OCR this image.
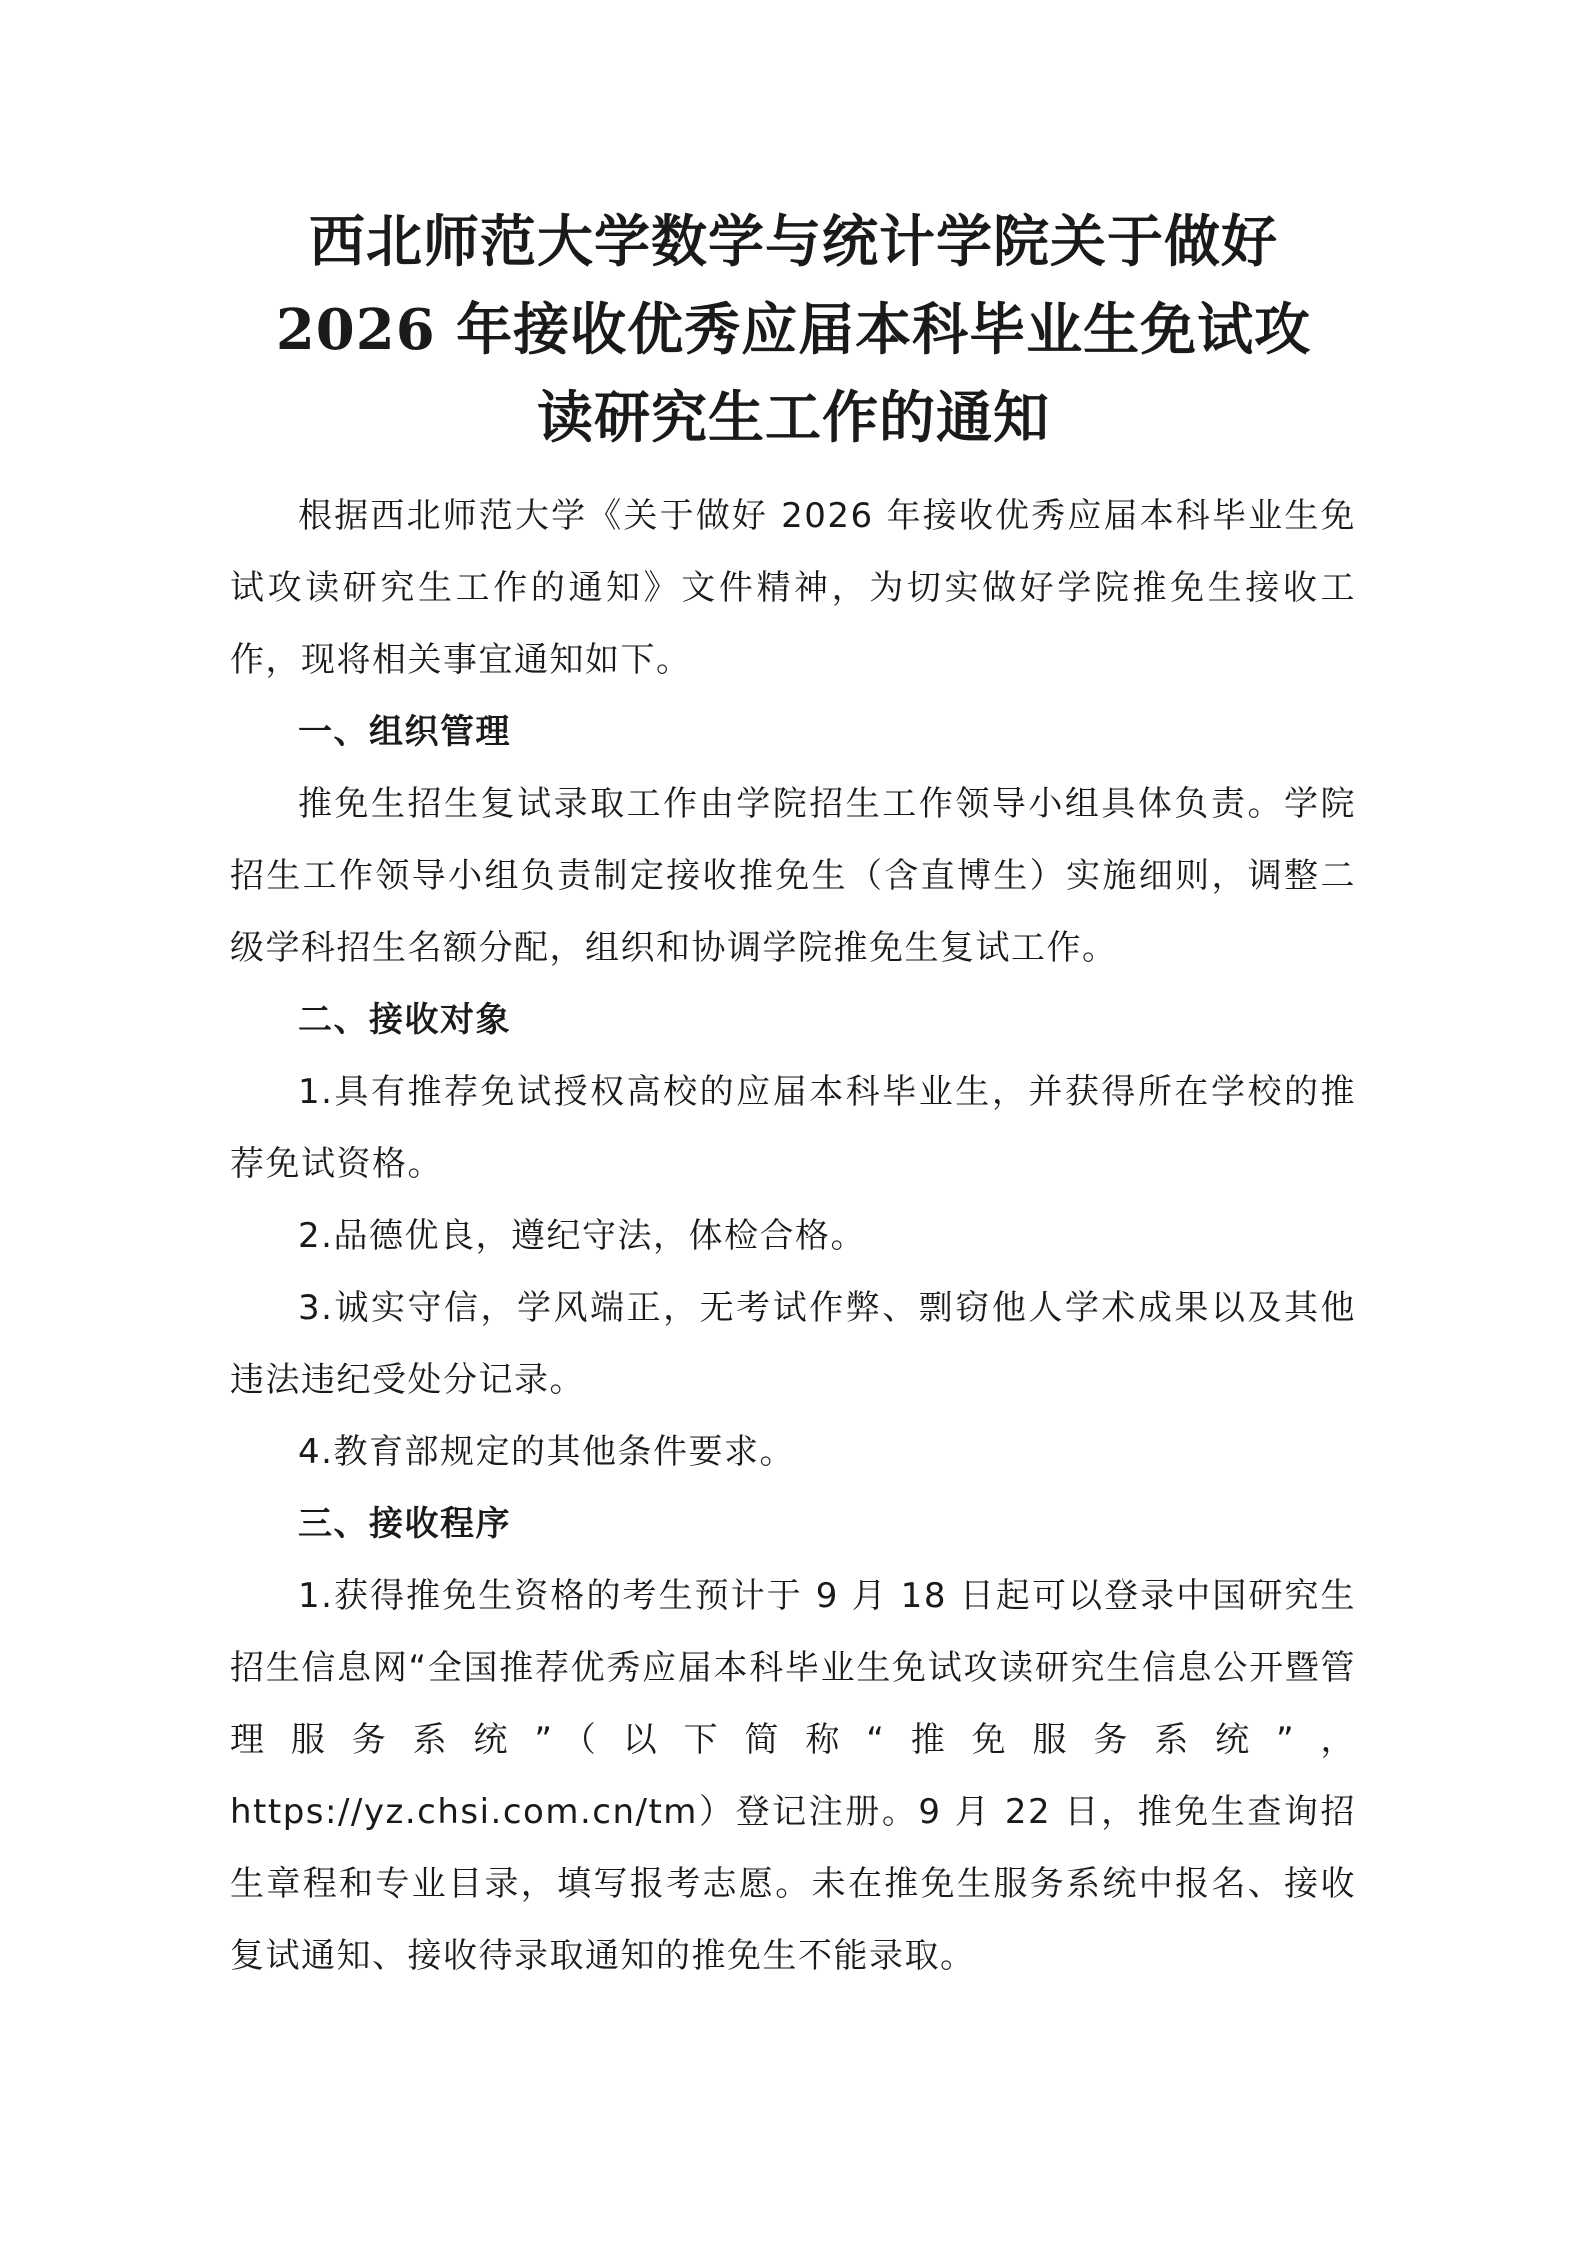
西北师范大学数学与统计学院关于做好
2026 年接收优秀应届本科毕业生免试攻
读研究生工作的通知

根据西北师范大学《关于做好 2026 年接收优秀应届本科毕业生免试攻读研究生工作的通知》文件精神，为切实做好学院推免生接收工作，现将相关事宜通知如下。

一、组织管理

推免生招生复试录取工作由学院招生工作领导小组具体负责。学院招生工作领导小组负责制定接收推免生（含直博生）实施细则，调整二级学科招生名额分配，组织和协调学院推免生复试工作。

二、接收对象

1.具有推荐免试授权高校的应届本科毕业生，并获得所在学校的推荐免试资格。

2.品德优良，遵纪守法，体检合格。

3.诚实守信，学风端正，无考试作弊、剽窃他人学术成果以及其他违法违纪受处分记录。

4.教育部规定的其他条件要求。

三、接收程序

1.获得推免生资格的考生预计于 9 月 18 日起可以登录中国研究生招生信息网“全国推荐优秀应届本科毕业生免试攻读研究生信息公开暨管理服务系统”（以下简称“推免服务系统”，https://yz.chsi.com.cn/tm）登记注册。9 月 22 日，推免生查询招生章程和专业目录，填写报考志愿。未在推免生服务系统中报名、接收复试通知、接收待录取通知的推免生不能录取。
